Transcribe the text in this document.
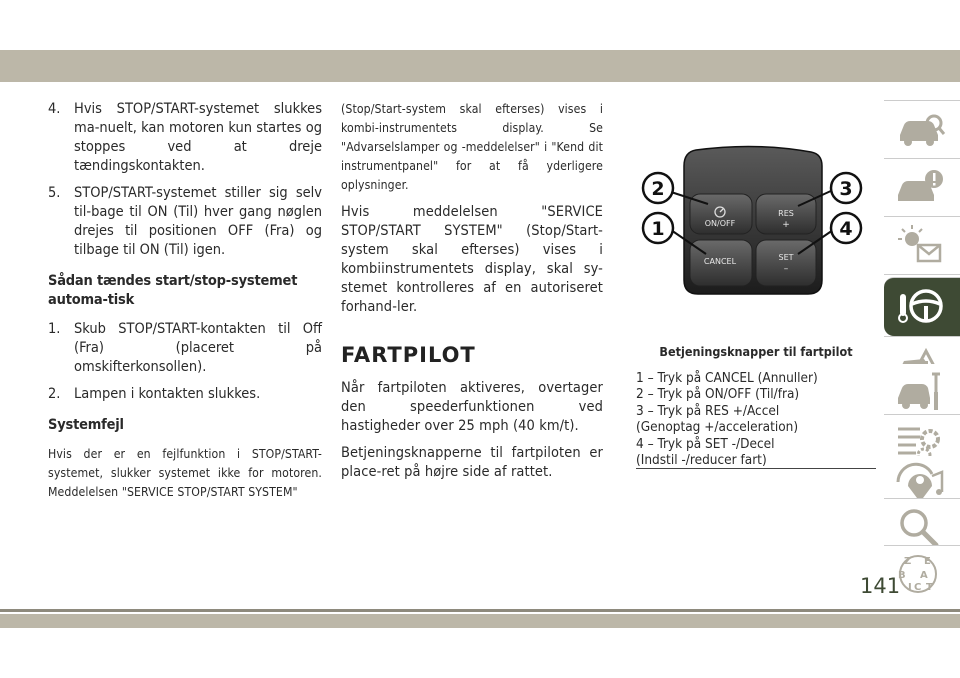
4. Hvis STOP/START-systemet slukkes ma-nuelt, kan motoren kun startes og stoppes ved at dreje tændingskontakten.
5. STOP/START-systemet stiller sig selv til-bage til ON (Til) hver gang nøglen drejes til positionen OFF (Fra) og tilbage til ON (Til) igen.
Sådan tændes start/stop-systemet automa-tisk
1. Skub STOP/START-kontakten til Off (Fra) (placeret på omskifterkonsollen).
2. Lampen i kontakten slukkes.
Systemfejl

Hvis der er en fejlfunktion i STOP/START-systemet, slukker systemet ikke for motoren. Meddelelsen "SERVICE STOP/START SYSTEM"

(Stop/Start-system skal efterses) vises i kombi-instrumentets display. Se "Advarselslamper og -meddelelser" i "Kend dit instrumentpanel" for at få yderligere oplysninger.

Hvis meddelelsen "SERVICE STOP/START SYSTEM" (Stop/Start-system skal efterses) vises i kombiinstrumentets display, skal sy-stemet kontrolleres af en autoriseret forhand-ler.

FARTPILOT

Når fartpiloten aktiveres, overtager den speederfunktionen ved hastigheder over 25 mph (40 km/t).

Betjeningsknapperne til fartpiloten er place-ret på højre side af rattet.

ON/OFF
CANCEL
RES
+
SET
–
2
1
3
4

Betjeningsknapper til fartpilot

1 – Tryk på CANCEL (Annuller)
2 – Tryk på ON/OFF (Til/fra)
3 – Tryk på RES +/Accel
(Genoptag +/acceleration)
4 – Tryk på SET -/Decel
(Indstil -/reducer fart)
Z E
B A
I C T
141
